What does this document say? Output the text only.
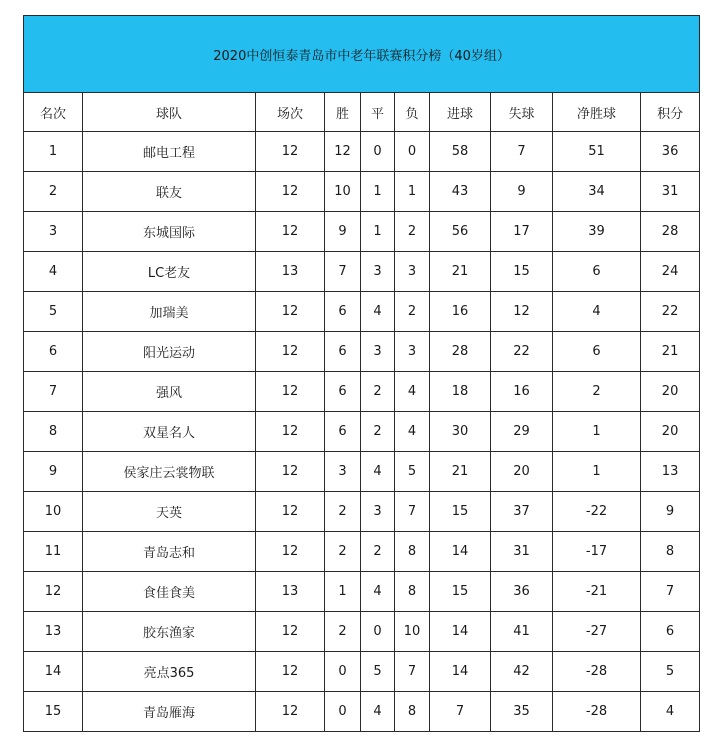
2020中创恒泰青岛市中老年联赛积分榜（40岁组）									
名次	球队	场次	胜	平	负	进球	失球	净胜球	积分
1	邮电工程	12	12	0	0	58	7	51	36
2	联友	12	10	1	1	43	9	34	31
3	东城国际	12	9	1	2	56	17	39	28
4	LC老友	13	7	3	3	21	15	6	24
5	加瑞美	12	6	4	2	16	12	4	22
6	阳光运动	12	6	3	3	28	22	6	21
7	强风	12	6	2	4	18	16	2	20
8	双星名人	12	6	2	4	30	29	1	20
9	侯家庄云裳物联	12	3	4	5	21	20	1	13
10	天英	12	2	3	7	15	37	-22	9
11	青岛志和	12	2	2	8	14	31	-17	8
12	食佳食美	13	1	4	8	15	36	-21	7
13	胶东渔家	12	2	0	10	14	41	-27	6
14	亮点365	12	0	5	7	14	42	-28	5
15	青岛雁海	12	0	4	8	7	35	-28	4
